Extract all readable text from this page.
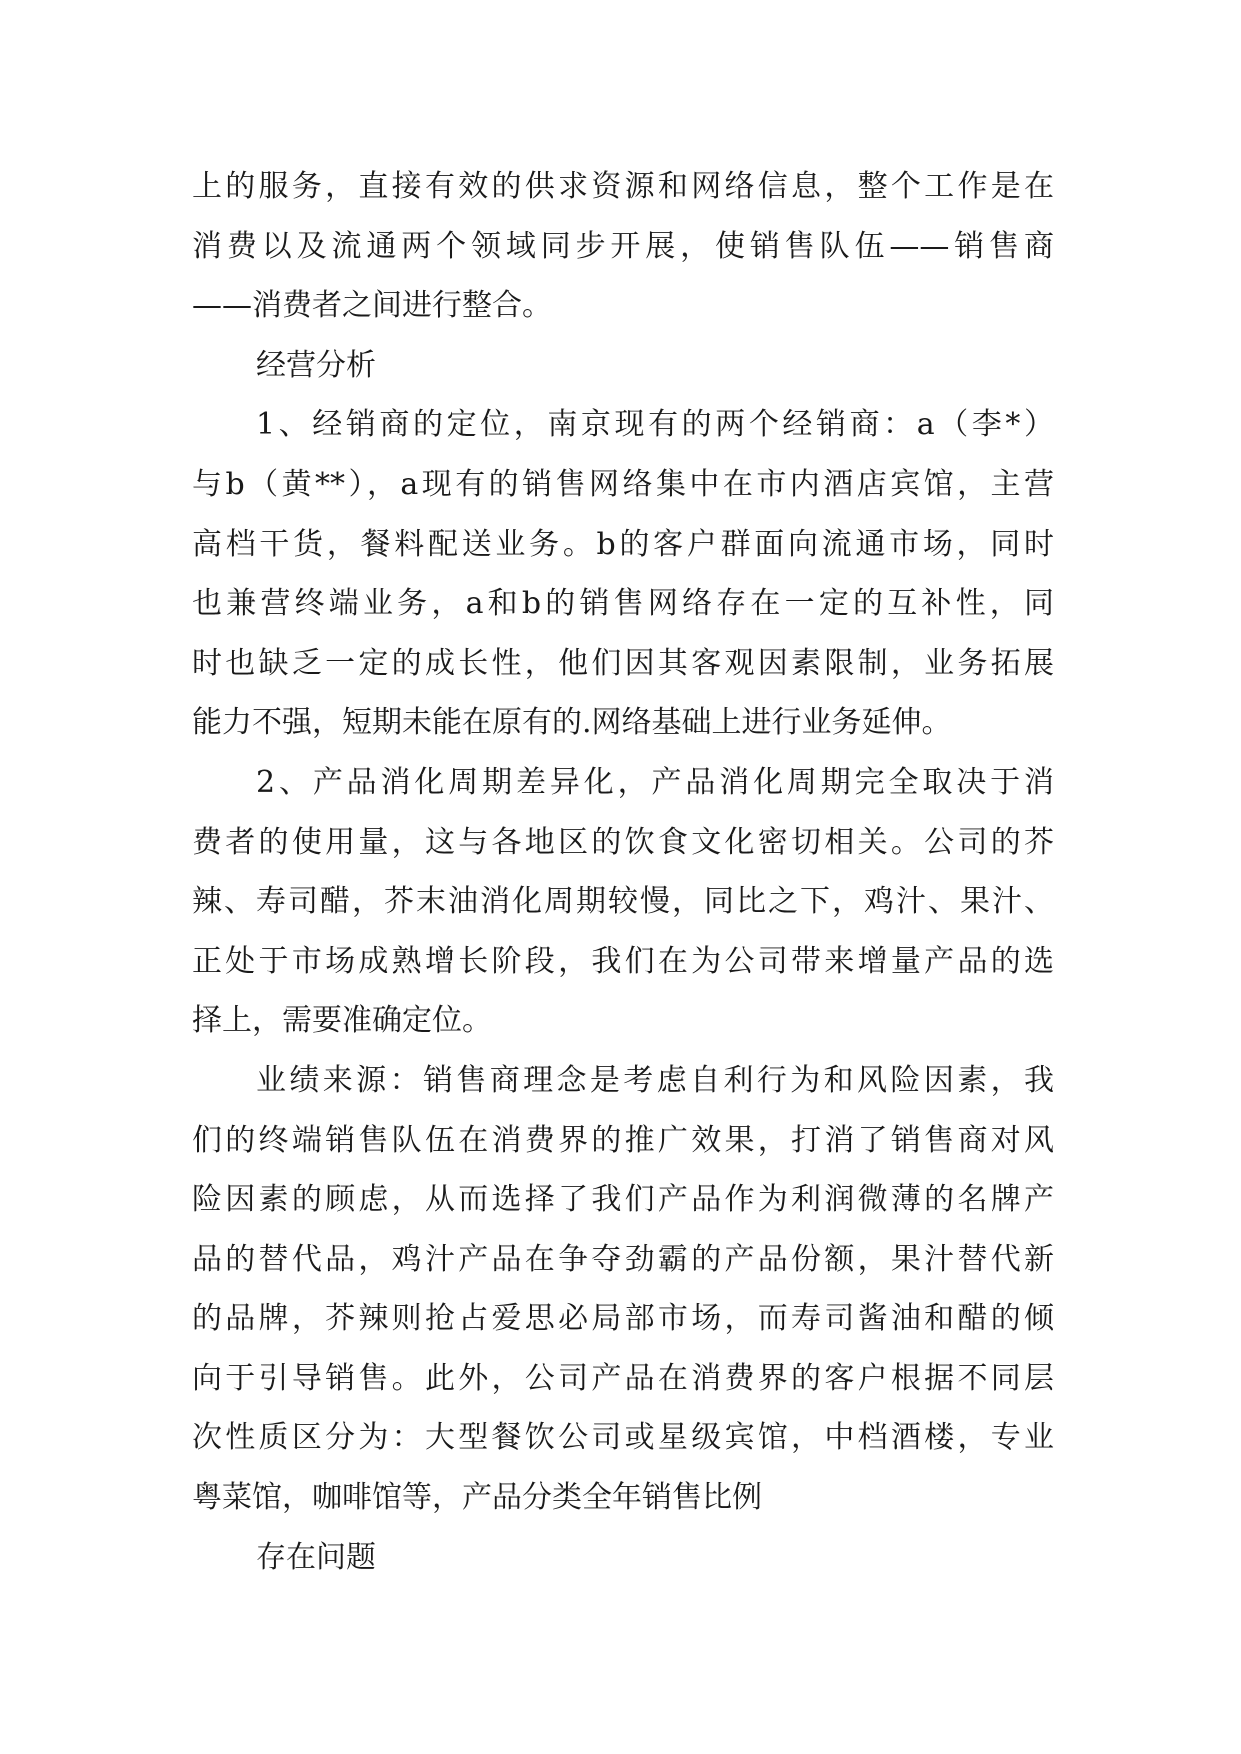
上的服务，直接有效的供求资源和网络信息，整个工作是在
消费以及流通两个领域同步开展，使销售队伍——销售商
——消费者之间进行整合。
经营分析
1、经销商的定位，南京现有的两个经销商：a（李*）
与b（黄**），a现有的销售网络集中在市内酒店宾馆，主营
高档干货，餐料配送业务。b的客户群面向流通市场，同时
也兼营终端业务，a和b的销售网络存在一定的互补性，同
时也缺乏一定的成长性，他们因其客观因素限制，业务拓展
能力不强，短期未能在原有的.网络基础上进行业务延伸。
2、产品消化周期差异化，产品消化周期完全取决于消
费者的使用量，这与各地区的饮食文化密切相关。公司的芥
辣、寿司醋，芥末油消化周期较慢，同比之下，鸡汁、果汁、
正处于市场成熟增长阶段，我们在为公司带来增量产品的选
择上，需要准确定位。
业绩来源：销售商理念是考虑自利行为和风险因素，我
们的终端销售队伍在消费界的推广效果，打消了销售商对风
险因素的顾虑，从而选择了我们产品作为利润微薄的名牌产
品的替代品，鸡汁产品在争夺劲霸的产品份额，果汁替代新
的品牌，芥辣则抢占爱思必局部市场，而寿司酱油和醋的倾
向于引导销售。此外，公司产品在消费界的客户根据不同层
次性质区分为：大型餐饮公司或星级宾馆，中档酒楼，专业
粤菜馆，咖啡馆等，产品分类全年销售比例
存在问题
